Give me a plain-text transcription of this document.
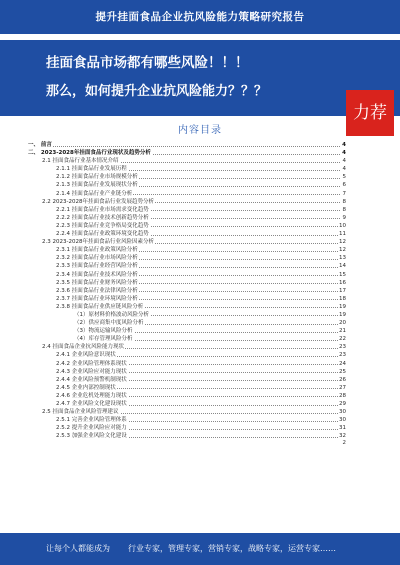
提升挂面食品企业抗风险能力策略研究报告
挂面食品市场都有哪些风险！！！
那么，如何提升企业抗风险能力？？？
力荐
内容目录
一、 前言	4
二、 2023-2028年挂面食品行业现状及趋势分析	4
2.1 挂面食品行业基本情况介绍	4
2.1.1 挂面食品行业发展历程	4
2.1.2 挂面食品行业市场规模分析	5
2.1.3 挂面食品行业发展现状分析	6
2.1.4 挂面食品行业产业链分析	7
2.2 2023-2028年挂面食品行业发展趋势分析	8
2.2.1 挂面食品行业市场需求变化趋势	8
2.2.2 挂面食品行业技术创新趋势分析	9
2.2.3 挂面食品行业竞争格局变化趋势	10
2.2.4 挂面食品行业政策环境变化趋势	11
2.3 2023-2028年挂面食品行业风险因素分析	12
2.3.1 挂面食品行业政策风险分析	12
2.3.2 挂面食品行业市场风险分析	13
2.3.3 挂面食品行业经营风险分析	14
2.3.4 挂面食品行业技术风险分析	15
2.3.5 挂面食品行业财务风险分析	16
2.3.6 挂面食品行业法律风险分析	17
2.3.7 挂面食品行业环境风险分析	18
2.3.8 挂面食品行业供应链风险分析	19
（1）原材料价格波动风险分析	19
（2）供应商集中度风险分析	20
（3）物流运输风险分析	21
（4）库存管理风险分析	22
2.4 挂面食品企业抗风险能力现状	23
2.4.1 企业风险意识现状	23
2.4.2 企业风险管理体系现状	24
2.4.3 企业风险应对能力现状	25
2.4.4 企业风险预警机制现状	26
2.4.5 企业内部控制现状	27
2.4.6 企业危机处理能力现状	28
2.4.7 企业风险文化建设现状	29
2.5 挂面食品企业风险管理建议	30
2.5.1 完善企业风险管理体系	30
2.5.2 提升企业风险应对能力	31
2.5.3 加强企业风险文化建设	32
2
让每个人都能成为 行业专家，管理专家，营销专家，战略专家，运营专家……
